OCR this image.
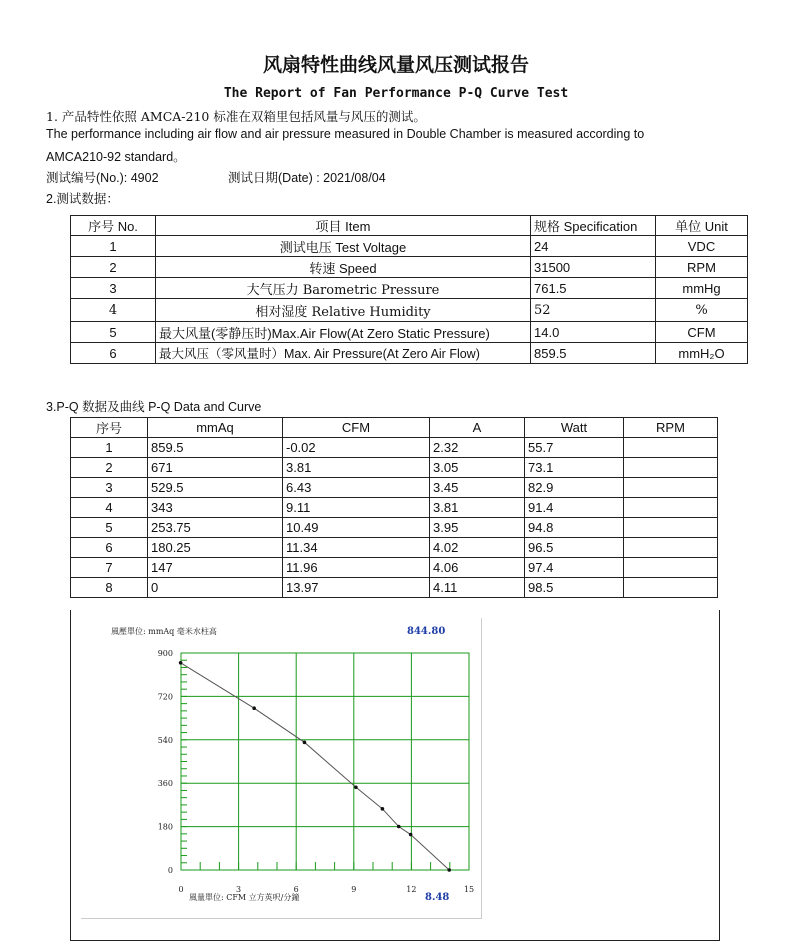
风扇特性曲线风量风压测试报告
The Report of Fan Performance P-Q Curve Test
1. 产品特性依照 AMCA-210 标准在双箱里包括风量与风压的测试。
The performance including air flow and air pressure measured in Double Chamber is measured according to
AMCA210-92 standard。
测试编号(No.): 4902	测试日期(Date) : 2021/08/04
2.测试数据：
序号 No.	项目 Item	规格 Specification	单位 Unit
1	测试电压 Test Voltage	24	VDC
2	转速 Speed	31500	RPM
3	大气压力 Barometric Pressure	761.5	mmHg
4	相对湿度 Relative Humidity	52	%
5	最大风量(零静压时)Max.Air Flow(At Zero Static Pressure)	14.0	CFM
6	最大风压（零风量时）Max. Air Pressure(At Zero Air Flow)	859.5	mmH₂O
3.P-Q 数据及曲线 P-Q Data and Curve
序号	mmAq	CFM	A	Watt	RPM
1	859.5	-0.02	2.32	55.7	
2	671	3.81	3.05	73.1	
3	529.5	6.43	3.45	82.9	
4	343	9.11	3.81	91.4	
5	253.75	10.49	3.95	94.8	
6	180.25	11.34	4.02	96.5	
7	147	11.96	4.06	97.4	
8	0	13.97	4.11	98.5	
風壓單位: mmAq 毫米水柱高	844.80
風量單位: CFM 立方英呎/分鐘	8.48
0
180
360
540
720
900
0	3	6	9	12	15
